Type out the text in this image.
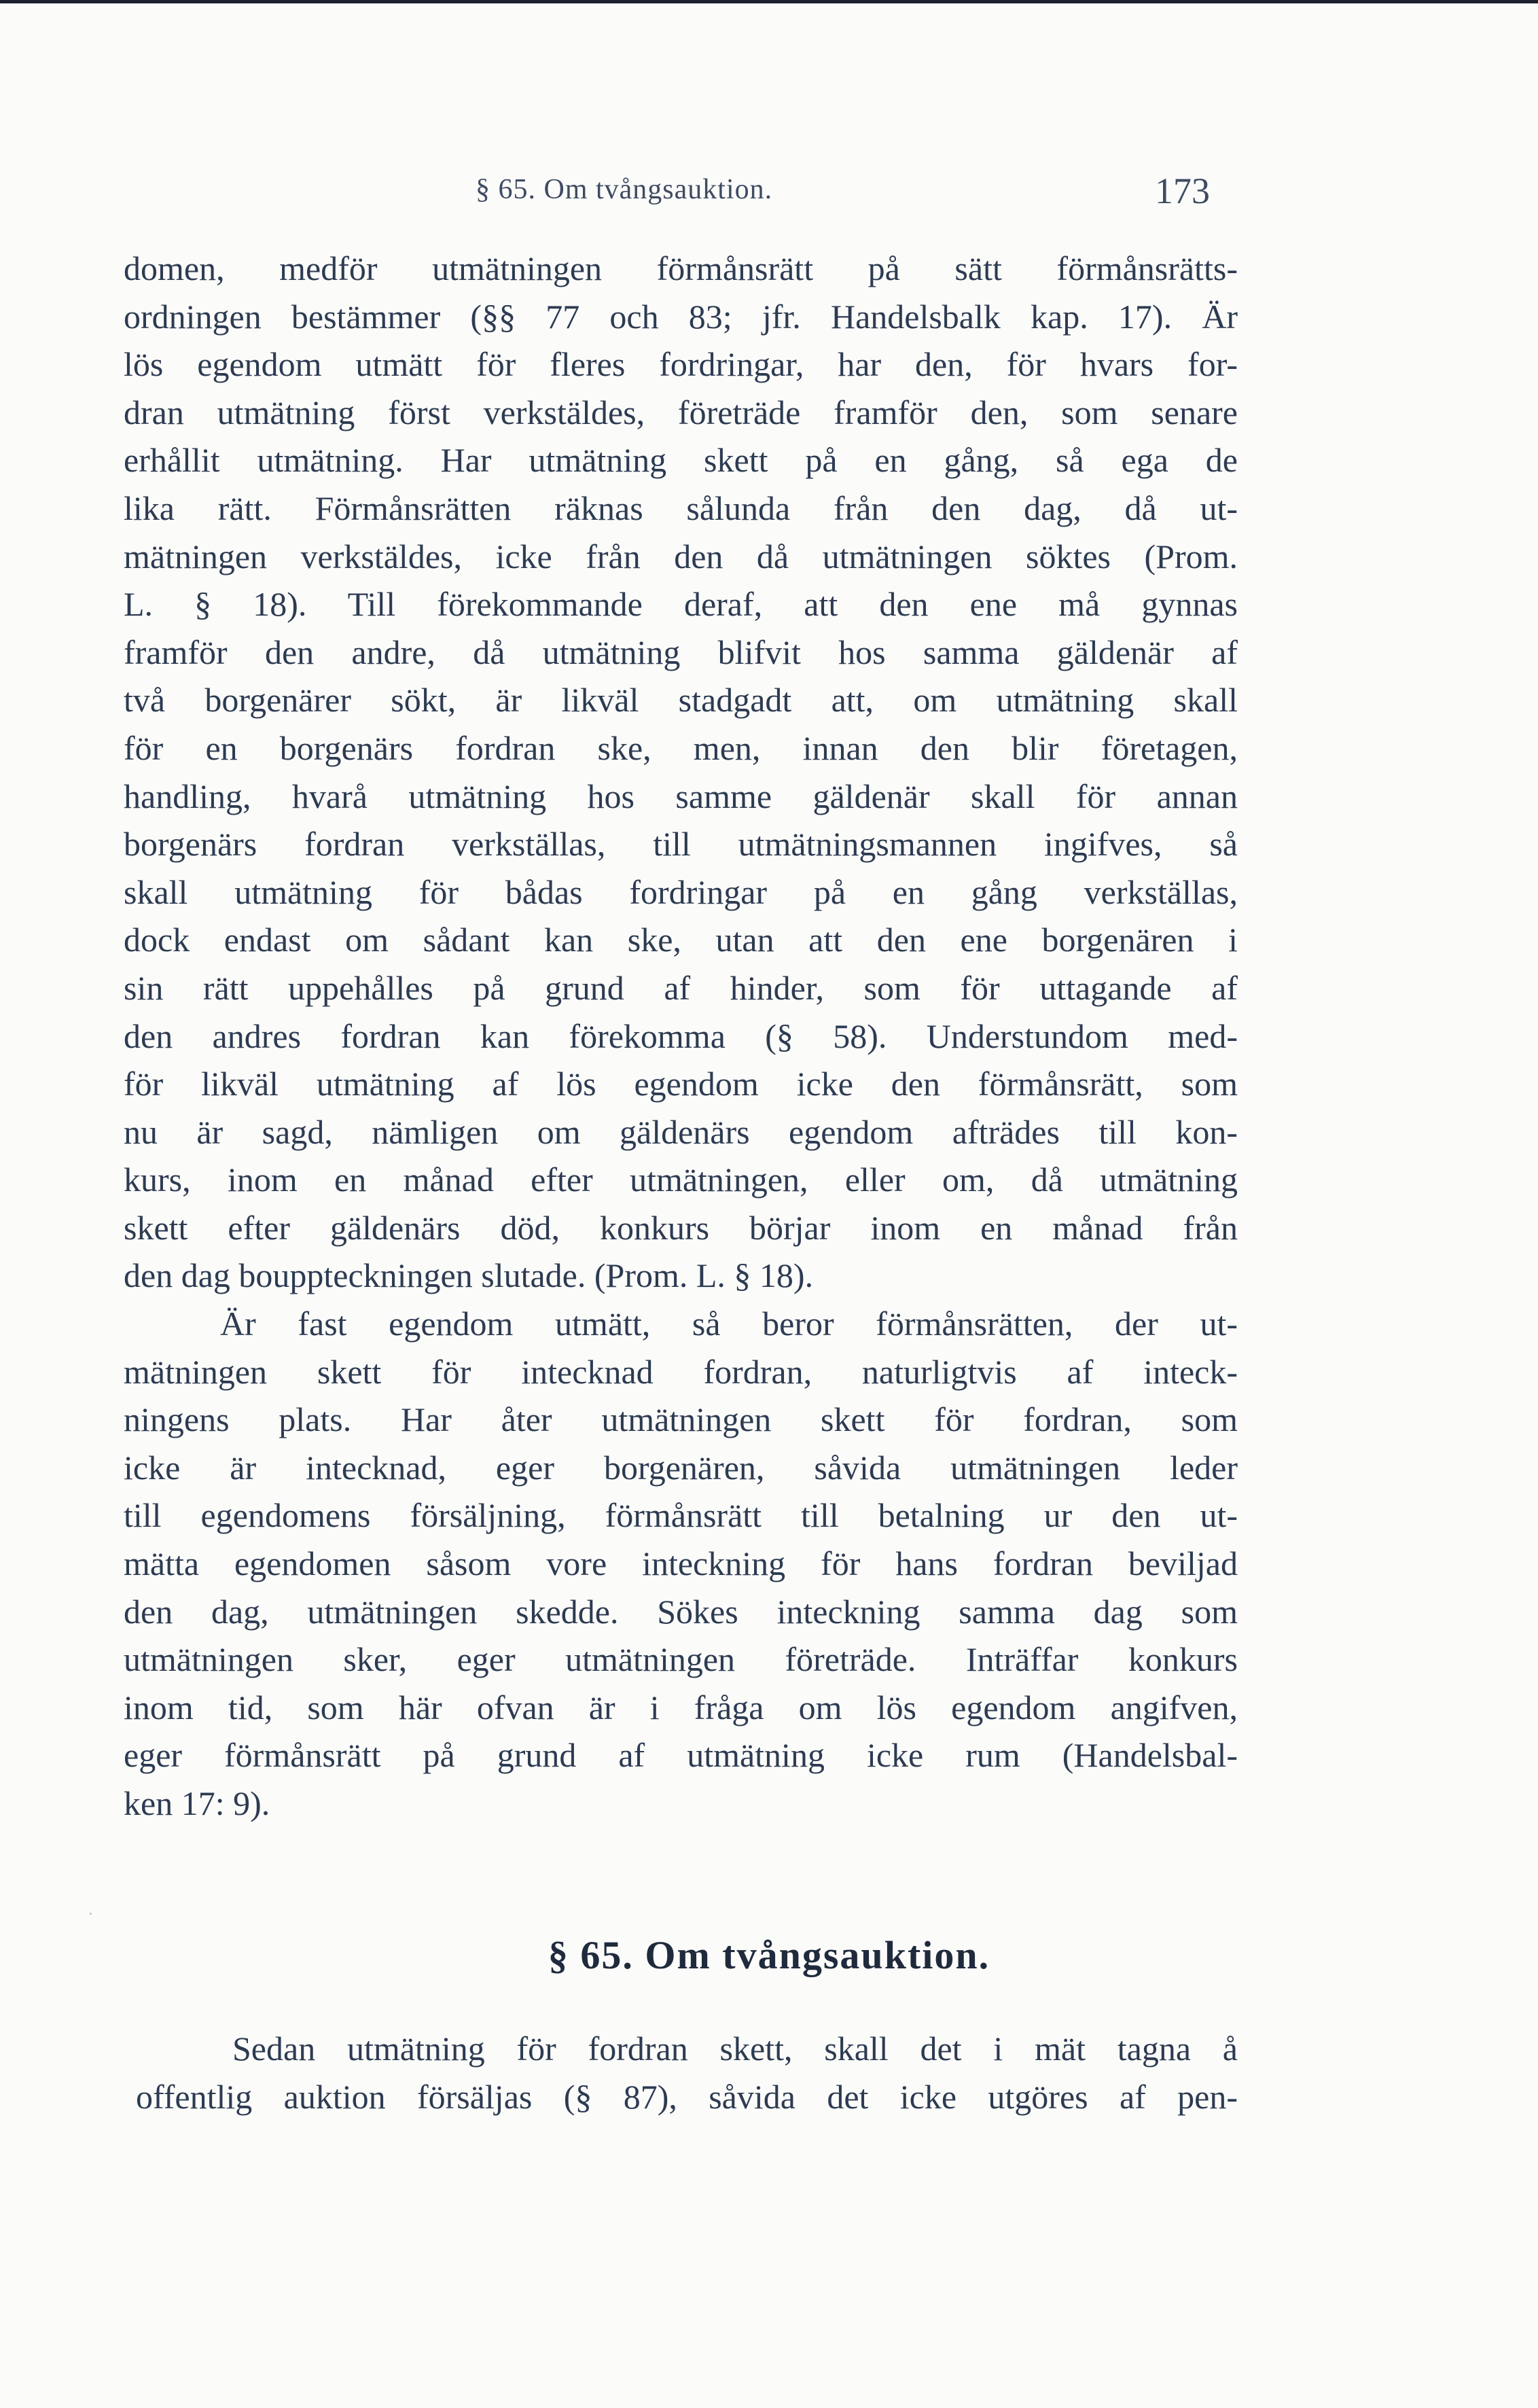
§ 65. Om tvångsauktion.	173
domen, medför utmätningen förmånsrätt på sätt förmånsrätts-
ordningen bestämmer (§§ 77 och 83; jfr. Handelsbalk kap. 17). Är
lös egendom utmätt för fleres fordringar, har den, för hvars for-
dran utmätning först verkstäldes, företräde framför den, som senare
erhållit utmätning. Har utmätning skett på en gång, så ega de
lika rätt. Förmånsrätten räknas sålunda från den dag, då ut-
mätningen verkstäldes, icke från den då utmätningen söktes (Prom.
L. § 18). Till förekommande deraf, att den ene må gynnas
framför den andre, då utmätning blifvit hos samma gäldenär af
två borgenärer sökt, är likväl stadgadt att, om utmätning skall
för en borgenärs fordran ske, men, innan den blir företagen,
handling, hvarå utmätning hos samme gäldenär skall för annan
borgenärs fordran verkställas, till utmätningsmannen ingifves, så
skall utmätning för bådas fordringar på en gång verkställas,
dock endast om sådant kan ske, utan att den ene borgenären i
sin rätt uppehålles på grund af hinder, som för uttagande af
den andres fordran kan förekomma (§ 58). Understundom med-
för likväl utmätning af lös egendom icke den förmånsrätt, som
nu är sagd, nämligen om gäldenärs egendom afträdes till kon-
kurs, inom en månad efter utmätningen, eller om, då utmätning
skett efter gäldenärs död, konkurs börjar inom en månad från
den dag bouppteckningen slutade. (Prom. L. § 18).
Är fast egendom utmätt, så beror förmånsrätten, der ut-
mätningen skett för intecknad fordran, naturligtvis af inteck-
ningens plats. Har åter utmätningen skett för fordran, som
icke är intecknad, eger borgenären, såvida utmätningen leder
till egendomens försäljning, förmånsrätt till betalning ur den ut-
mätta egendomen såsom vore inteckning för hans fordran beviljad
den dag, utmätningen skedde. Sökes inteckning samma dag som
utmätningen sker, eger utmätningen företräde. Inträffar konkurs
inom tid, som här ofvan är i fråga om lös egendom angifven,
eger förmånsrätt på grund af utmätning icke rum (Handelsbal-
ken 17: 9).
§ 65. Om tvångsauktion.
Sedan utmätning för fordran skett, skall det i mät tagna å
offentlig auktion försäljas (§ 87), såvida det icke utgöres af pen-
